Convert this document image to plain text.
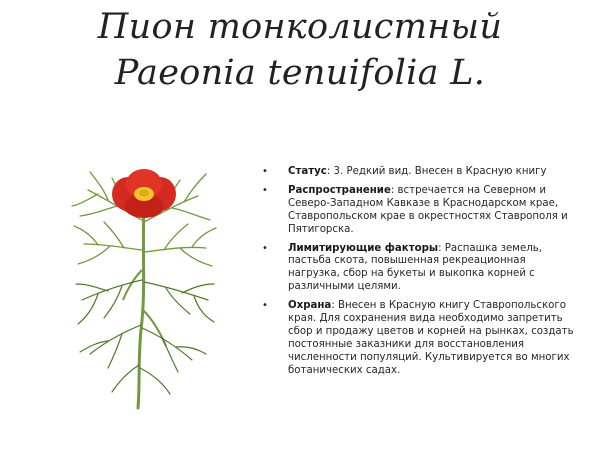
Пион тонколистный
Paeonia tenuifolia L.
• Статус: 3. Редкий вид. Внесен в Красную книгу
• Распространение: встречается на Северном и Северо-Западном Кавказе в Краснодарском крае, Ставропольском крае в окрестностях Ставрополя и Пятигорска.
• Лимитирующие факторы: Распашка земель, пастьба скота, повышенная рекреационная нагрузка, сбор на букеты и выкопка корней с различными целями.
• Охрана: Внесен в Красную книгу Ставропольского края. Для сохранения вида необходимо запретить сбор и продажу цветов и корней на рынках, создать постоянные заказники для восстановления численности популяций. Культивируется во многих ботанических садах.
